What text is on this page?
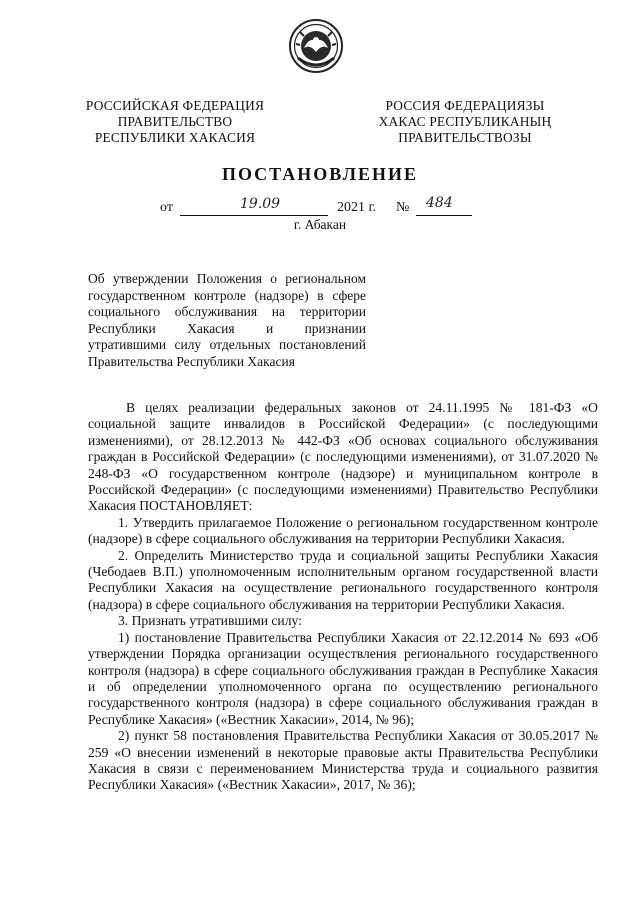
РОССИЙСКАЯ ФЕДЕРАЦИЯ
ПРАВИТЕЛЬСТВО
РЕСПУБЛИКИ ХАКАСИЯ
РОССИЯ ФЕДЕРАЦИЯЗЫ
ХАКАС РЕСПУБЛИКАНЫҢ
ПРАВИТЕЛЬСТВОЗЫ
ПОСТАНОВЛЕНИЕ
от	19.09	2021 г. № 484
г. Абакан
Об утверждении Положения о региональном
государственном контроле (надзоре) в сфере
социального обслуживания на территории
Республики Хакасия и признании
утратившими силу отдельных постановлений
Правительства Республики Хакасия

В целях реализации федеральных законов от 24.11.1995 № 181-ФЗ «О социальной защите инвалидов в Российской Федерации» (с последующими изменениями), от 28.12.2013 № 442-ФЗ «Об основах социального обслуживания граждан в Российской Федерации» (с последующими изменениями), от 31.07.2020 № 248-ФЗ «О государственном контроле (надзоре) и муниципальном контроле в Российской Федерации» (с последующими изменениями) Правительство Республики Хакасия ПОСТАНОВЛЯЕТ:

1. Утвердить прилагаемое Положение о региональном государственном контроле (надзоре) в сфере социального обслуживания на территории Республики Хакасия.

2. Определить Министерство труда и социальной защиты Республики Хакасия (Чебодаев В.П.) уполномоченным исполнительным органом государственной власти Республики Хакасия на осуществление регионального государственного контроля (надзора) в сфере социального обслуживания на территории Республики Хакасия.

3. Признать утратившими силу:

1) постановление Правительства Республики Хакасия от 22.12.2014 № 693 «Об утверждении Порядка организации осуществления регионального государственного контроля (надзора) в сфере социального обслуживания граждан в Республике Хакасия и об определении уполномоченного органа по осуществлению регионального государственного контроля (надзора) в сфере социального обслуживания граждан в Республике Хакасия» («Вестник Хакасии», 2014, № 96);

2) пункт 58 постановления Правительства Республики Хакасия от 30.05.2017 № 259 «О внесении изменений в некоторые правовые акты Правительства Республики Хакасия в связи с переименованием Министерства труда и социального развития Республики Хакасия» («Вестник Хакасии», 2017, № 36);
